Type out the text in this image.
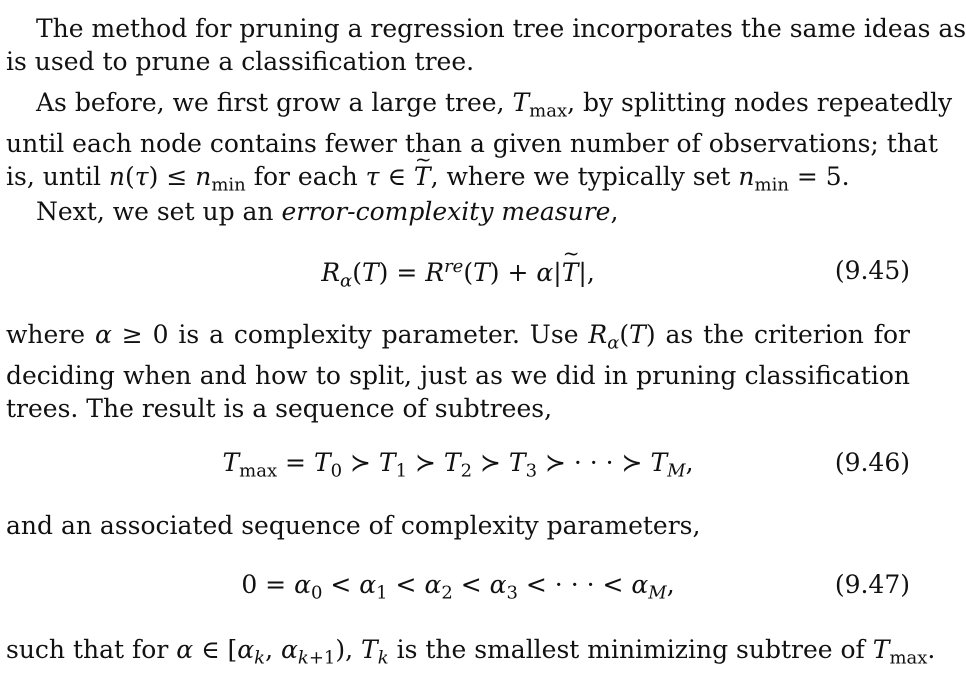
The method for pruning a regression tree incorporates the same ideas as
is used to prune a classification tree.

As before, we first grow a large tree, $T_{max}$, by splitting nodes repeatedly
until each node contains fewer than a given number of observations; that
is, until $n(\tau) \le n_{min}$ for each τ ∈ ~ T, where we typically set $n_{min} = 5$.

Next, we set up an error-complexity measure,

$R_\alpha(T) = R^{re}(T)$ + α|~ T|,	(9.45)

where α ≥ 0 is a complexity parameter. Use $R_\alpha(T)$ as the criterion for
deciding when and how to split, just as we did in pruning classification
trees. The result is a sequence of subtrees,

$T_{max} = T_0$ ≻ $T_1$ ≻ $T_2$ ≻ $T_3$ ≻ · · · ≻ $T_M$,	(9.46)

and an associated sequence of complexity parameters,

$0 = \alpha_0 < \alpha_1 < \alpha_2 < \alpha_3$ < · · · < $\alpha_M$,	(9.47)

such that for α ∈ [$\alpha_k$, $\alpha_{k+1}$), $T_k$ is the smallest minimizing subtree of $T_{max}$.
